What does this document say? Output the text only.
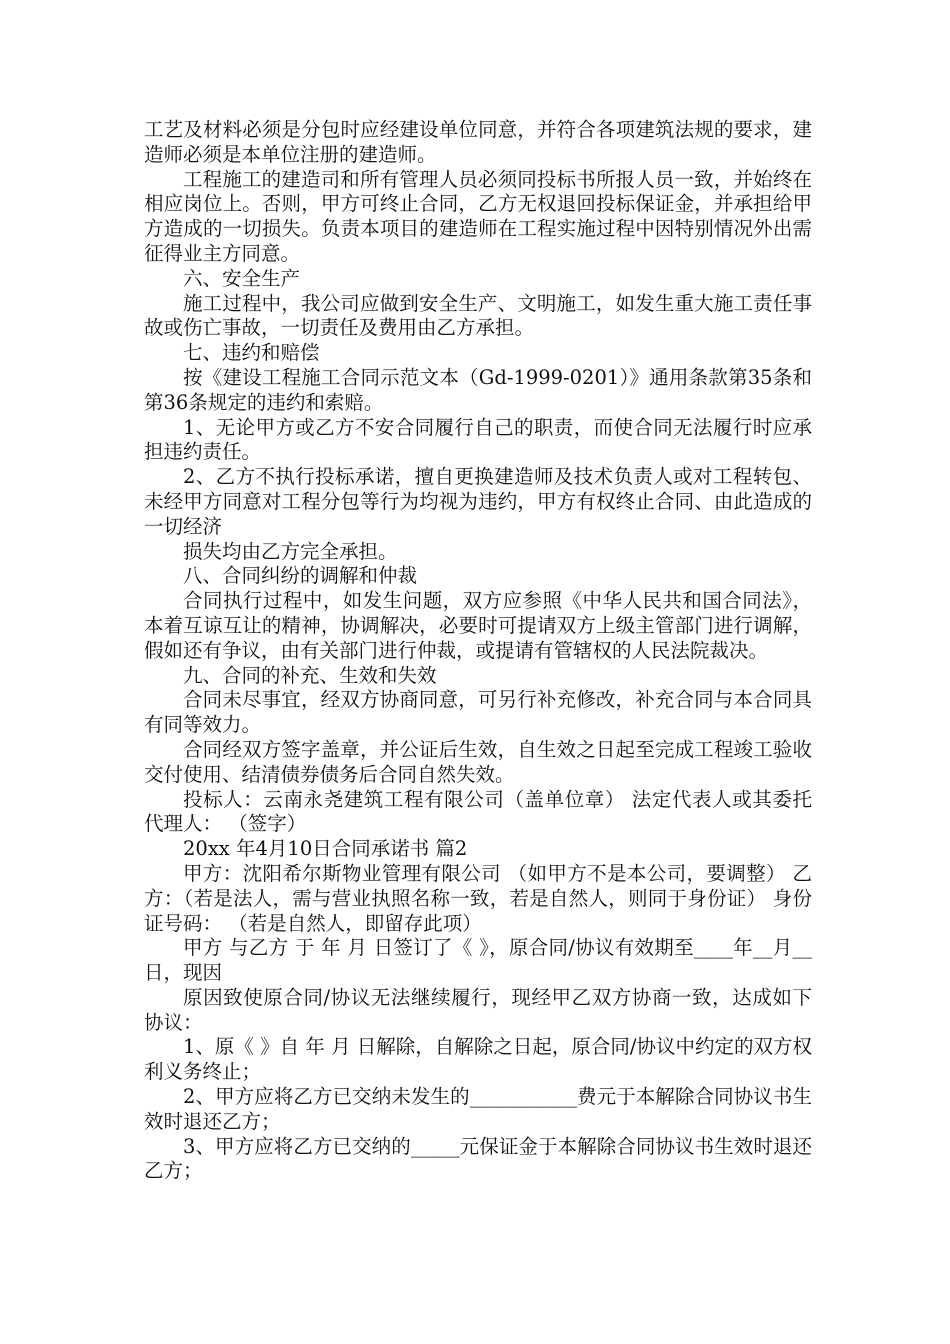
工艺及材料必须是分包时应经建设单位同意，并符合各项建筑法规的要求，建造师必须是本单位注册的建造师。

工程施工的建造司和所有管理人员必须同投标书所报人员一致，并始终在相应岗位上。否则，甲方可终止合同，乙方无权退回投标保证金，并承担给甲方造成的一切损失。负责本项目的建造师在工程实施过程中因特别情况外出需征得业主方同意。

六、安全生产

施工过程中，我公司应做到安全生产、文明施工，如发生重大施工责任事故或伤亡事故，一切责任及费用由乙方承担。

七、违约和赔偿

按《建设工程施工合同示范文本（Gd-1999-0201）》通用条款第35条和第36条规定的违约和索赔。

1、无论甲方或乙方不安合同履行自己的职责，而使合同无法履行时应承担违约责任。

2、乙方不执行投标承诺，擅自更换建造师及技术负责人或对工程转包、未经甲方同意对工程分包等行为均视为违约，甲方有权终止合同、由此造成的一切经济

损失均由乙方完全承担。

八、合同纠纷的调解和仲裁

合同执行过程中，如发生问题，双方应参照《中华人民共和国合同法》，本着互谅互让的精神，协调解决，必要时可提请双方上级主管部门进行调解，假如还有争议，由有关部门进行仲裁，或提请有管辖权的人民法院裁决。

九、合同的补充、生效和失效

合同未尽事宜，经双方协商同意，可另行补充修改，补充合同与本合同具有同等效力。

合同经双方签字盖章，并公证后生效，自生效之日起至完成工程竣工验收交付使用、结清债券债务后合同自然失效。

投标人：云南永尧建筑工程有限公司（盖单位章） 法定代表人或其委托代理人： （签字）

20xx 年4月10日合同承诺书 篇2

甲方：沈阳希尔斯物业管理有限公司 （如甲方不是本公司，要调整） 乙方：（若是法人，需与营业执照名称一致，若是自然人，则同于身份证） 身份证号码： （若是自然人，即留存此项）

甲方 与乙方 于 年 月 日签订了《 》，原合同/协议有效期至____年__月__日，现因

原因致使原合同/协议无法继续履行，现经甲乙双方协商一致，达成如下协议：

1、原《 》自 年 月 日解除，自解除之日起，原合同/协议中约定的双方权利义务终止；

2、甲方应将乙方已交纳未发生的___________费元于本解除合同协议书生效时退还乙方；

3、甲方应将乙方已交纳的_____元保证金于本解除合同协议书生效时退还乙方；
